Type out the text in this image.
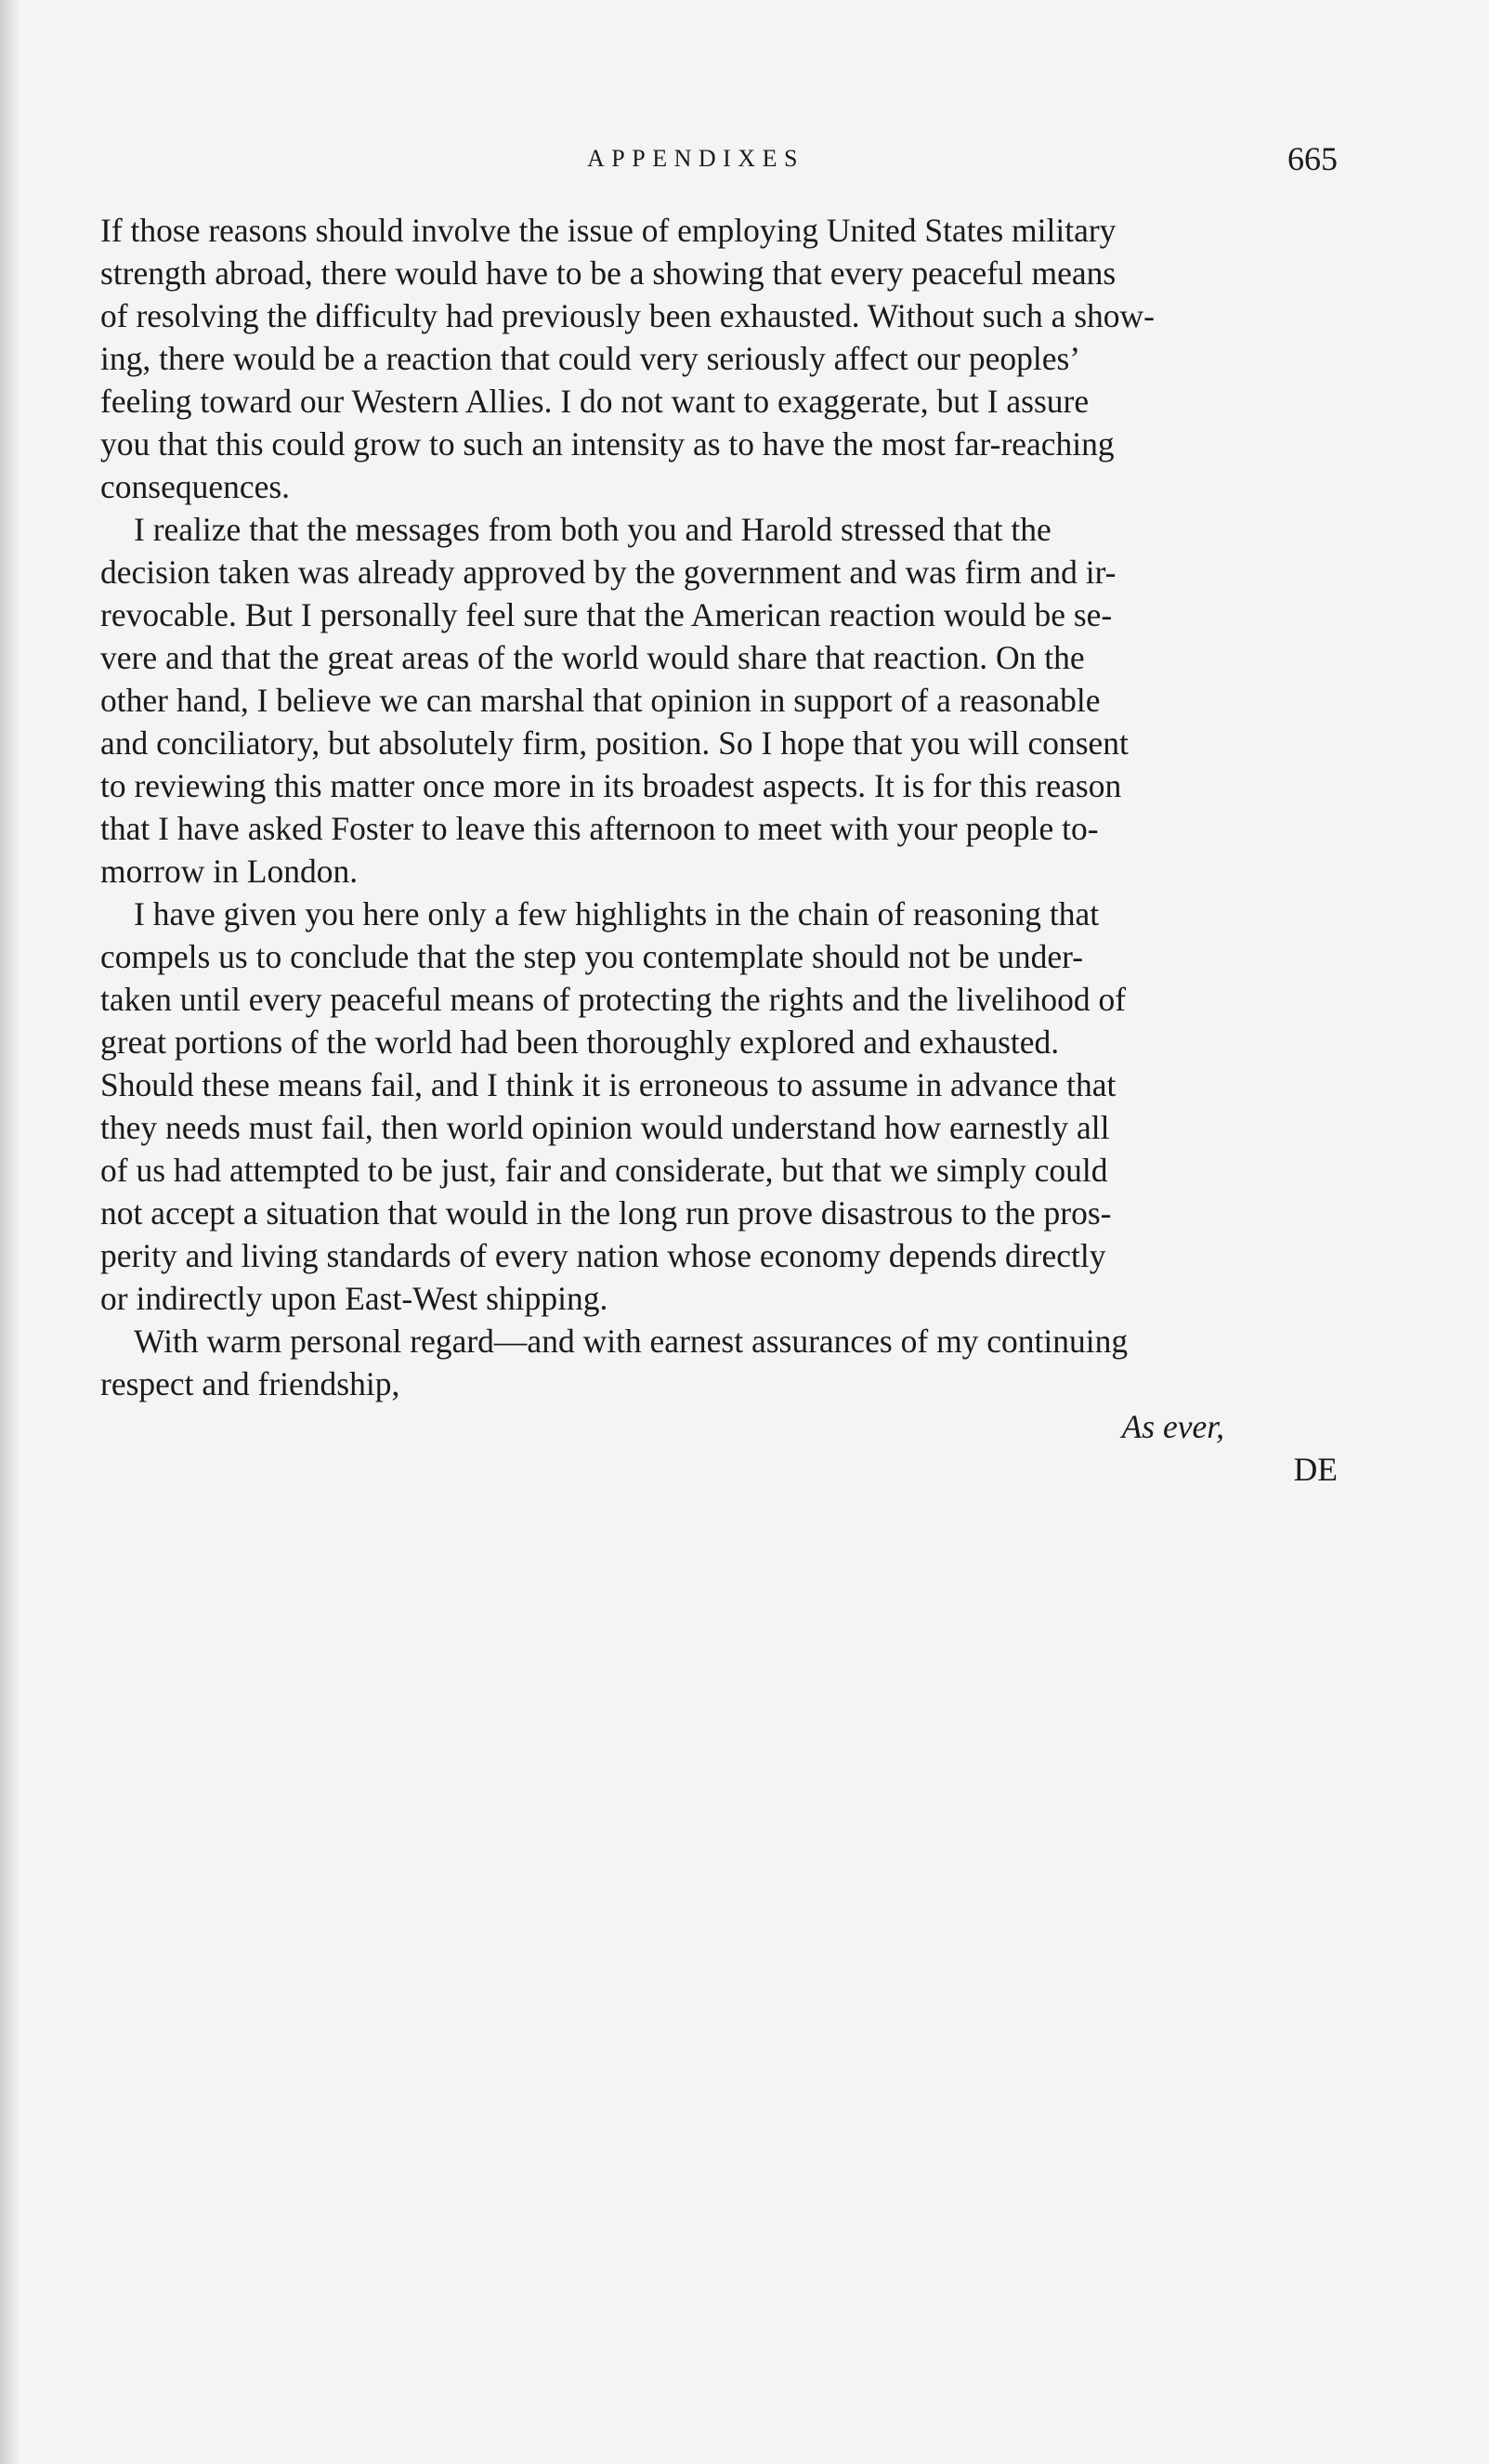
APPENDIXES	665
If those reasons should involve the issue of employing United States military
strength abroad, there would have to be a showing that every peaceful means
of resolving the difficulty had previously been exhausted. Without such a show-
ing, there would be a reaction that could very seriously affect our peoples’
feeling toward our Western Allies. I do not want to exaggerate, but I assure
you that this could grow to such an intensity as to have the most far-reaching
consequences.
I realize that the messages from both you and Harold stressed that the
decision taken was already approved by the government and was firm and ir-
revocable. But I personally feel sure that the American reaction would be se-
vere and that the great areas of the world would share that reaction. On the
other hand, I believe we can marshal that opinion in support of a reasonable
and conciliatory, but absolutely firm, position. So I hope that you will consent
to reviewing this matter once more in its broadest aspects. It is for this reason
that I have asked Foster to leave this afternoon to meet with your people to-
morrow in London.
I have given you here only a few highlights in the chain of reasoning that
compels us to conclude that the step you contemplate should not be under-
taken until every peaceful means of protecting the rights and the livelihood of
great portions of the world had been thoroughly explored and exhausted.
Should these means fail, and I think it is erroneous to assume in advance that
they needs must fail, then world opinion would understand how earnestly all
of us had attempted to be just, fair and considerate, but that we simply could
not accept a situation that would in the long run prove disastrous to the pros-
perity and living standards of every nation whose economy depends directly
or indirectly upon East-West shipping.
With warm personal regard—and with earnest assurances of my continuing
respect and friendship,
As ever,
DE
